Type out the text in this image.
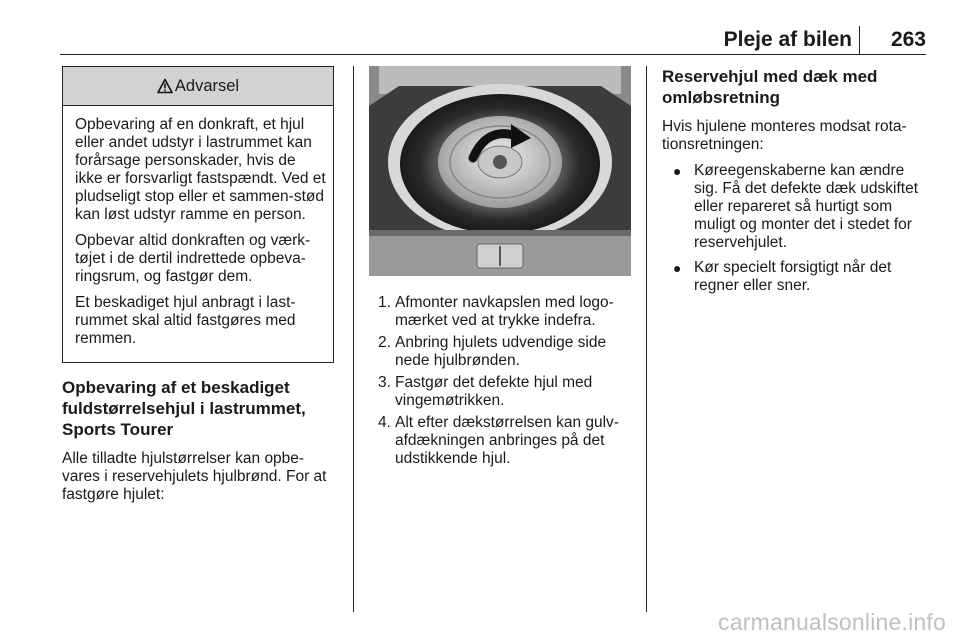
Pleje af bilen 263
Advarsel

Opbevaring af en donkraft, et hjul eller andet udstyr i lastrummet kan forårsage personskader, hvis de ikke er forsvarligt fastspændt. Ved et pludseligt stop eller et sammen-stød kan løst udstyr ramme en person.

Opbevar altid donkraften og værk-tøjet i de dertil indrettede opbeva-ringsrum, og fastgør dem.

Et beskadiget hjul anbragt i last-rummet skal altid fastgøres med remmen.

Opbevaring af et beskadiget fuldstørrelsehjul i lastrummet, Sports Tourer

Alle tilladte hjulstørrelser kan opbe-vares i reservehjulets hjulbrønd. For at fastgøre hjulet:

1. Afmonter navkapslen med logo-mærket ved at trykke indefra.
2. Anbring hjulets udvendige side nede hjulbrønden.
3. Fastgør det defekte hjul med vingemøtrikken.
4. Alt efter dækstørrelsen kan gulv-afdækningen anbringes på det udstikkende hjul.
Reservehjul med dæk med omløbsretning

Hvis hjulene monteres modsat rota-tionsretningen:

● Køreegenskaberne kan ændre sig. Få det defekte dæk udskiftet eller repareret så hurtigt som muligt og monter det i stedet for reservehjulet.
● Kør specielt forsigtigt når det regner eller sner.
carmanualsonline.info
